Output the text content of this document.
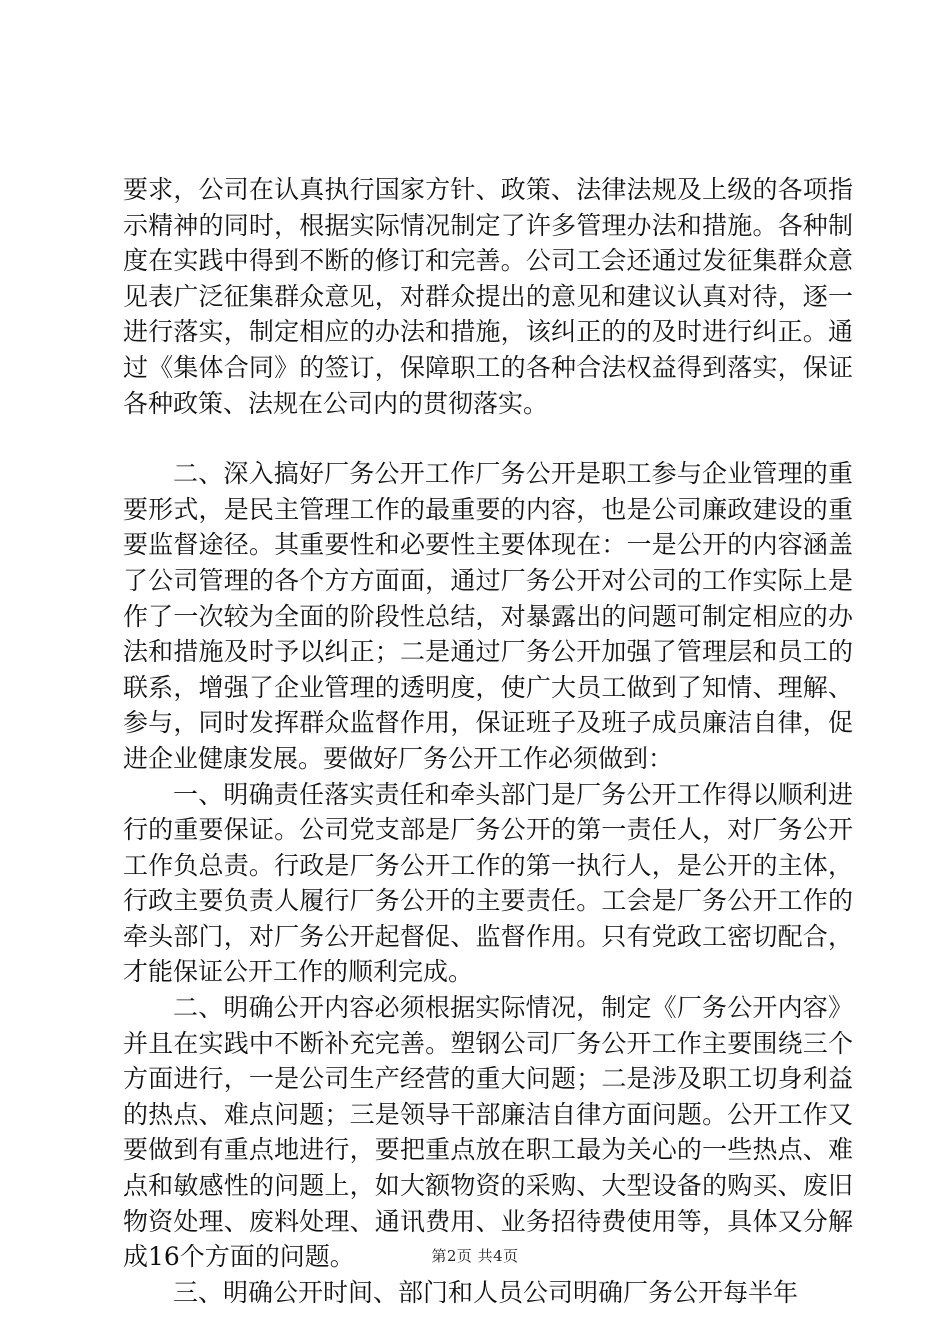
要求，公司在认真执行国家方针、政策、法律法规及上级的各项指示精神的同时，根据实际情况制定了许多管理办法和措施。各种制度在实践中得到不断的修订和完善。公司工会还通过发征集群众意见表广泛征集群众意见，对群众提出的意见和建议认真对待，逐一进行落实，制定相应的办法和措施，该纠正的的及时进行纠正。通过《集体合同》的签订，保障职工的各种合法权益得到落实，保证各种政策、法规在公司内的贯彻落实。

二、深入搞好厂务公开工作厂务公开是职工参与企业管理的重要形式，是民主管理工作的最重要的内容，也是公司廉政建设的重要监督途径。其重要性和必要性主要体现在：一是公开的内容涵盖了公司管理的各个方方面面，通过厂务公开对公司的工作实际上是作了一次较为全面的阶段性总结，对暴露出的问题可制定相应的办法和措施及时予以纠正；二是通过厂务公开加强了管理层和员工的联系，增强了企业管理的透明度，使广大员工做到了知情、理解、参与，同时发挥群众监督作用，保证班子及班子成员廉洁自律，促进企业健康发展。要做好厂务公开工作必须做到：

一、明确责任落实责任和牵头部门是厂务公开工作得以顺利进行的重要保证。公司党支部是厂务公开的第一责任人，对厂务公开工作负总责。行政是厂务公开工作的第一执行人，是公开的主体，行政主要负责人履行厂务公开的主要责任。工会是厂务公开工作的牵头部门，对厂务公开起督促、监督作用。只有党政工密切配合，才能保证公开工作的顺利完成。

二、明确公开内容必须根据实际情况，制定《厂务公开内容》并且在实践中不断补充完善。塑钢公司厂务公开工作主要围绕三个方面进行，一是公司生产经营的重大问题；二是涉及职工切身利益的热点、难点问题；三是领导干部廉洁自律方面问题。公开工作又要做到有重点地进行，要把重点放在职工最为关心的一些热点、难点和敏感性的问题上，如大额物资的采购、大型设备的购买、废旧物资处理、废料处理、通讯费用、业务招待费使用等，具体又分解成16个方面的问题。

三、明确公开时间、部门和人员公司明确厂务公开每半年

第2页 共4页
